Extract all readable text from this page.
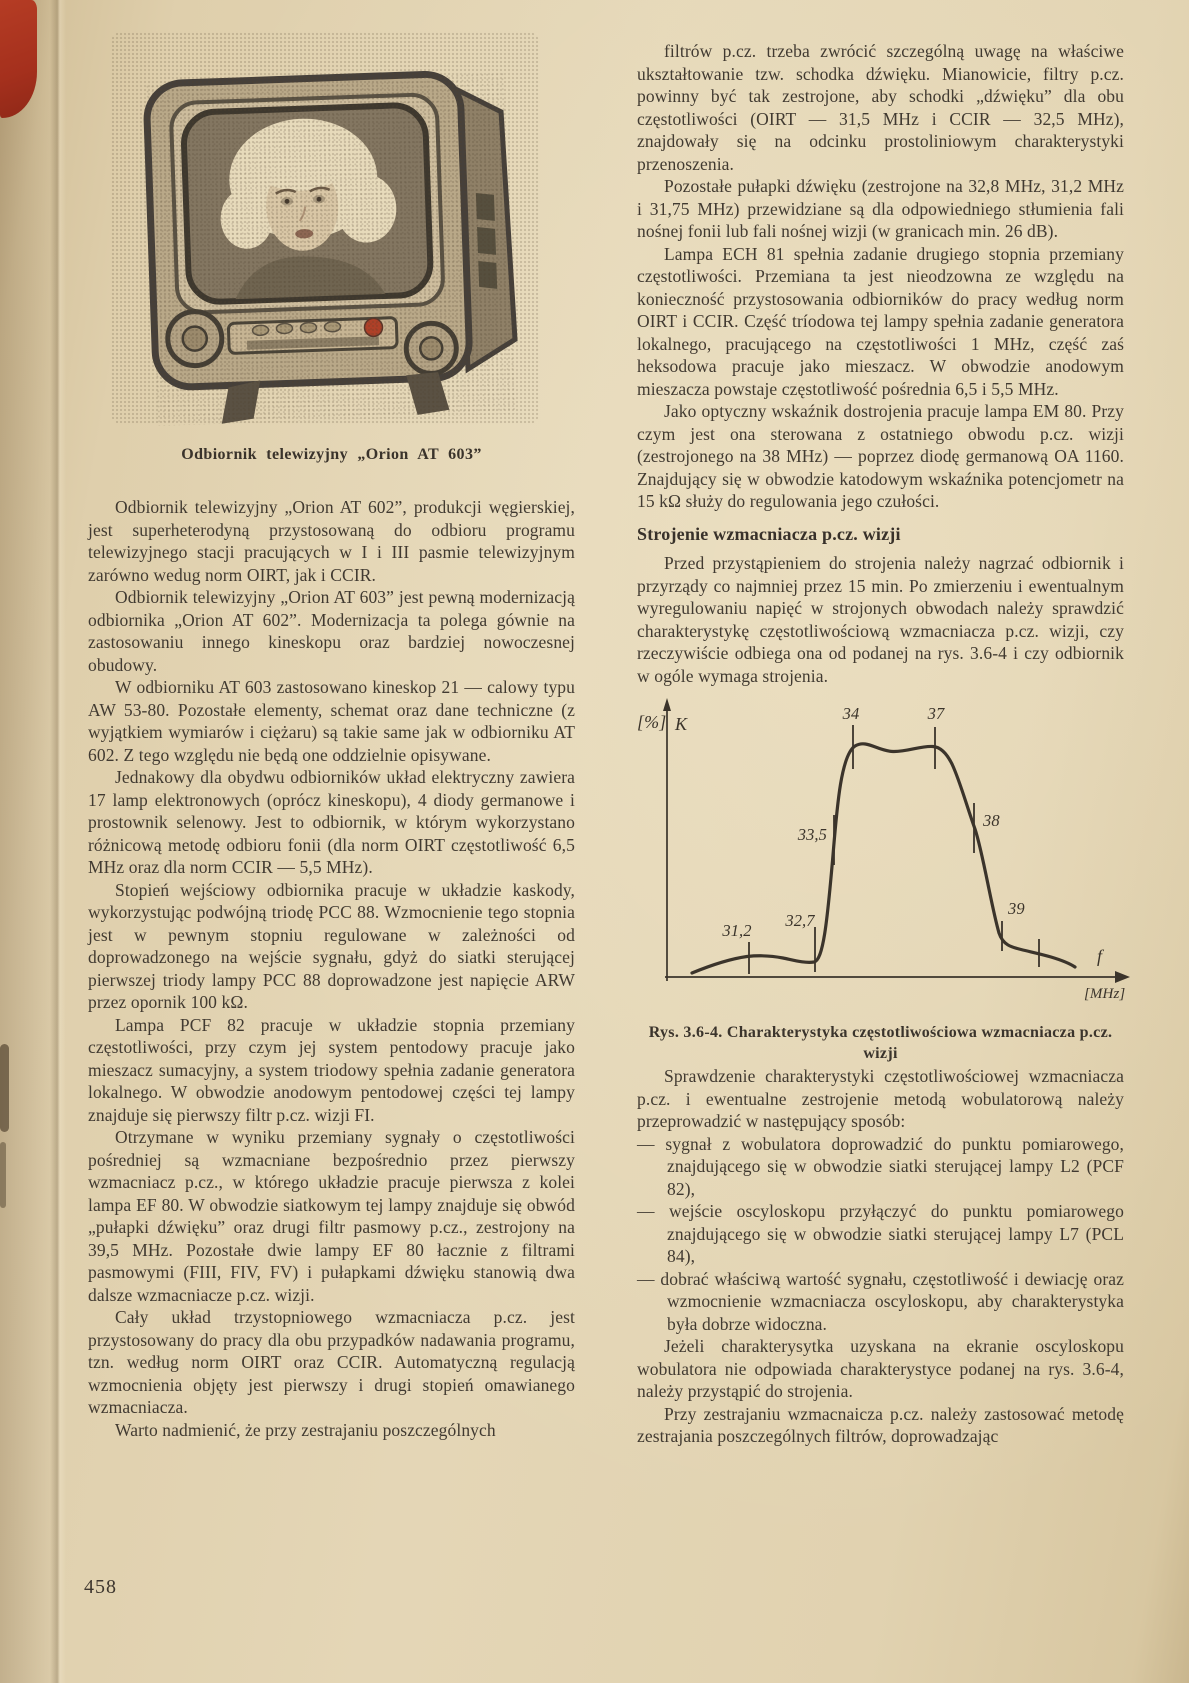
Odbiornik telewizyjny „Orion AT 603”

Odbiornik telewizyjny „Orion AT 602”, produkcji węgierskiej, jest superheterodyną przystosowaną do odbioru programu telewizyjnego stacji pracujących w I i III pasmie telewizyjnym zarówno wedug norm OIRT, jak i CCIR.

Odbiornik telewizyjny „Orion AT 603” jest pewną modernizacją odbiornika „Orion AT 602”. Modernizacja ta polega gównie na zastosowaniu innego kineskopu oraz bardziej nowoczesnej obudowy.

W odbiorniku AT 603 zastosowano kineskop 21 — calowy typu AW 53-80. Pozostałe elementy, schemat oraz dane techniczne (z wyjątkiem wymiarów i ciężaru) są takie same jak w odbiorniku AT 602. Z tego względu nie będą one oddzielnie opisywane.

Jednakowy dla obydwu odbiorników układ elektryczny zawiera 17 lamp elektronowych (oprócz kineskopu), 4 diody germanowe i prostownik selenowy. Jest to odbiornik, w którym wykorzystano różnicową metodę odbioru fonii (dla norm OIRT częstotliwość 6,5 MHz oraz dla norm CCIR — 5,5 MHz).

Stopień wejściowy odbiornika pracuje w układzie kaskody, wykorzystując podwójną triodę PCC 88. Wzmocnienie tego stopnia jest w pewnym stopniu regulowane w zależności od doprowadzonego na wejście sygnału, gdyż do siatki sterującej pierwszej triody lampy PCC 88 doprowadzone jest napięcie ARW przez opornik 100 kΩ.

Lampa PCF 82 pracuje w układzie stopnia przemiany częstotliwości, przy czym jej system pentodowy pracuje jako mieszacz sumacyjny, a system triodowy spełnia zadanie generatora lokalnego. W obwodzie anodowym pentodowej części tej lampy znajduje się pierwszy filtr p.cz. wizji FI.

Otrzymane w wyniku przemiany sygnały o częstotliwości pośredniej są wzmacniane bezpośrednio przez pierwszy wzmacniacz p.cz., w którego układzie pracuje pierwsza z kolei lampa EF 80. W obwodzie siatkowym tej lampy znajduje się obwód „pułapki dźwięku” oraz drugi filtr pasmowy p.cz., zestrojony na 39,5 MHz. Pozostałe dwie lampy EF 80 łacznie z filtrami pasmowymi (FIII, FIV, FV) i pułapkami dźwięku stanowią dwa dalsze wzmacniacze p.cz. wizji.

Cały układ trzystopniowego wzmacniacza p.cz. jest przystosowany do pracy dla obu przypadków nadawania programu, tzn. według norm OIRT oraz CCIR. Automatyczną regulacją wzmocnienia objęty jest pierwszy i drugi stopień omawianego wzmacniacza.

Warto nadmienić, że przy zestrajaniu poszczególnych

458

filtrów p.cz. trzeba zwrócić szczególną uwagę na właściwe ukształtowanie tzw. schodka dźwięku. Mianowicie, filtry p.cz. powinny być tak zestrojone, aby schodki „dźwięku” dla obu częstotliwości (OIRT — 31,5 MHz i CCIR — 32,5 MHz), znajdowały się na odcinku prostoliniowym charakterystyki przenoszenia.

Pozostałe pułapki dźwięku (zestrojone na 32,8 MHz, 31,2 MHz i 31,75 MHz) przewidziane są dla odpowiedniego stłumienia fali nośnej fonii lub fali nośnej wizji (w granicach min. 26 dB).

Lampa ECH 81 spełnia zadanie drugiego stopnia przemiany częstotliwości. Przemiana ta jest nieodzowna ze względu na konieczność przystosowania odbiorników do pracy według norm OIRT i CCIR. Część tríodowa tej lampy spełnia zadanie generatora lokalnego, pracującego na częstotliwości 1 MHz, część zaś heksodowa pracuje jako mieszacz. W obwodzie anodowym mieszacza powstaje częstotliwość pośrednia 6,5 i 5,5 MHz.

Jako optyczny wskaźnik dostrojenia pracuje lampa EM 80. Przy czym jest ona sterowana z ostatniego obwodu p.cz. wizji (zestrojonego na 38 MHz) — poprzez diodę germanową OA 1160. Znajdujący się w obwodzie katodowym wskaźnika potencjometr na 15 kΩ służy do regulowania jego czułości.

Strojenie wzmacniacza p.cz. wizji

Przed przystąpieniem do strojenia należy nagrzać odbiornik i przyrządy co najmniej przez 15 min. Po zmierzeniu i ewentualnym wyregulowaniu napięć w strojonych obwodach należy sprawdzić charakterystykę częstotliwościową wzmacniacza p.cz. wizji, czy rzeczywiście odbiega ona od podanej na rys. 3.6-4 i czy odbiornik w ogóle wymaga strojenia.

[%] K
f
[MHz]
31,2
32,7
33,5
34	37
38
39
Rys. 3.6-4. Charakterystyka częstotliwościowa wzmacniacza p.cz.
wizji

Sprawdzenie charakterystyki częstotliwościowej wzmacniacza p.cz. i ewentualne zestrojenie metodą wobulatorową należy przeprowadzić w następujący sposób:

— sygnał z wobulatora doprowadzić do punktu pomiarowego, znajdującego się w obwodzie siatki sterującej lampy L2 (PCF 82),

— wejście oscyloskopu przyłączyć do punktu pomiarowego znajdującego się w obwodzie siatki sterującej lampy L7 (PCL 84),

— dobrać właściwą wartość sygnału, częstotliwość i dewiację oraz wzmocnienie wzmacniacza oscyloskopu, aby charakterystyka była dobrze widoczna.

Jeżeli charakterysytka uzyskana na ekranie oscyloskopu wobulatora nie odpowiada charakterystyce podanej na rys. 3.6-4, należy przystąpić do strojenia.

Przy zestrajaniu wzmacnaicza p.cz. należy zastosować metodę zestrajania poszczególnych filtrów, doprowadzając
